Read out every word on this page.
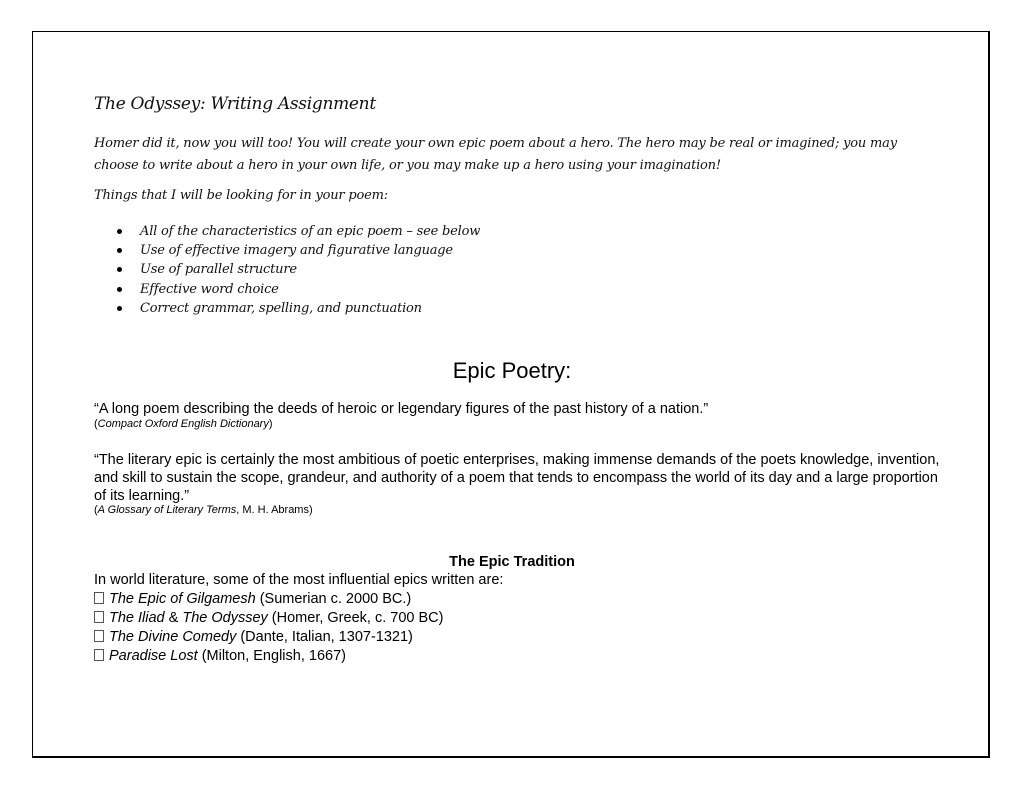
The Odyssey: Writing Assignment
Homer did it, now you will too! You will create your own epic poem about a hero. The hero may be real or imagined; you may choose to write about a hero in your own life, or you may make up a hero using your imagination!
Things that I will be looking for in your poem:
All of the characteristics of an epic poem – see below
Use of effective imagery and figurative language
Use of parallel structure
Effective word choice
Correct grammar, spelling, and punctuation
Epic Poetry:
“A long poem describing the deeds of heroic or legendary figures of the past history of a nation.”
(Compact Oxford English Dictionary)
“The literary epic is certainly the most ambitious of poetic enterprises, making immense demands of the poets knowledge, invention, and skill to sustain the scope, grandeur, and authority of a poem that tends to encompass the world of its day and a large proportion of its learning.”
(A Glossary of Literary Terms, M. H. Abrams)
The Epic Tradition
In world literature, some of the most influential epics written are:
The Epic of Gilgamesh (Sumerian c. 2000 BC.)
The Iliad & The Odyssey (Homer, Greek, c. 700 BC)
The Divine Comedy (Dante, Italian, 1307-1321)
Paradise Lost (Milton, English, 1667)
